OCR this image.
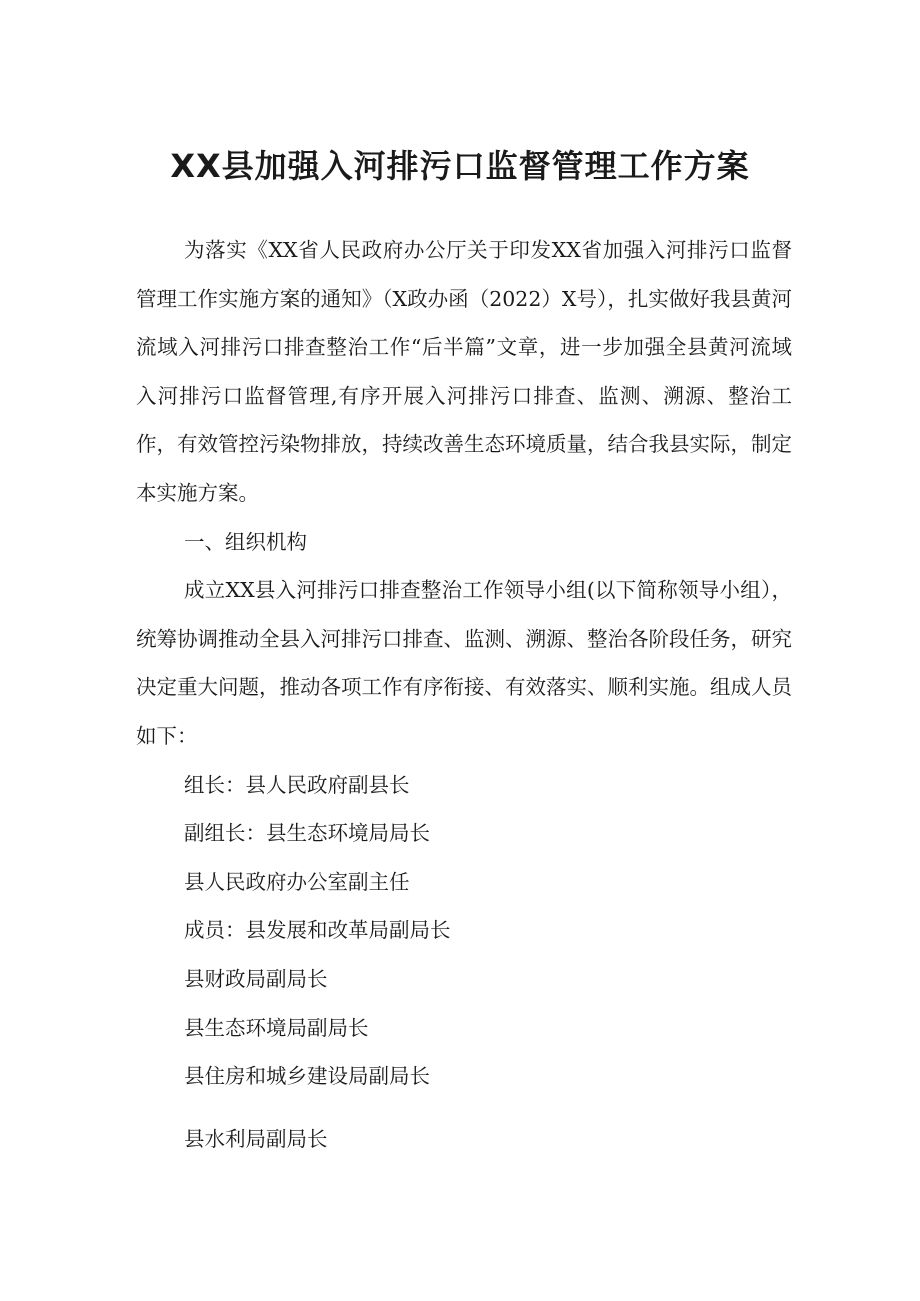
XX县加强入河排污口监督管理工作方案

为落实《XX省人民政府办公厅关于印发XX省加强入河排污口监督管理工作实施方案的通知》（X政办函（2022）X号），扎实做好我县黄河流域入河排污口排查整治工作“后半篇”文章，进一步加强全县黄河流域入河排污口监督管理,有序开展入河排污口排查、监测、溯源、整治工作，有效管控污染物排放，持续改善生态环境质量，结合我县实际，制定本实施方案。

一、组织机构

成立XX县入河排污口排查整治工作领导小组(以下简称领导小组），统筹协调推动全县入河排污口排查、监测、溯源、整治各阶段任务，研究决定重大问题，推动各项工作有序衔接、有效落实、顺利实施。组成人员如下：

组长：县人民政府副县长

副组长：县生态环境局局长

县人民政府办公室副主任

成员：县发展和改革局副局长

县财政局副局长

县生态环境局副局长

县住房和城乡建设局副局长

县水利局副局长
